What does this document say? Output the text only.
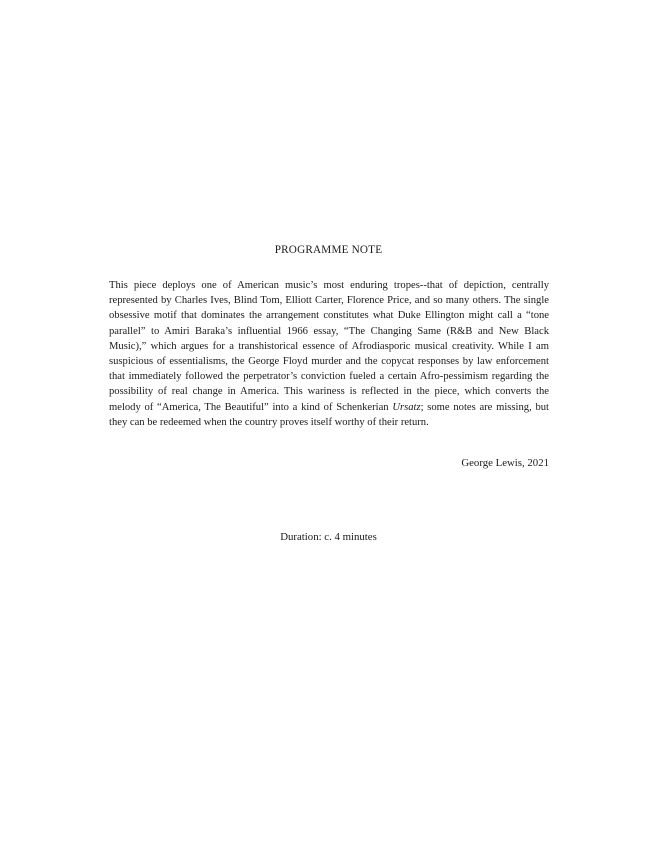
PROGRAMME NOTE

This piece deploys one of American music’s most enduring tropes--that of depiction, centrally represented by Charles Ives, Blind Tom, Elliott Carter, Florence Price, and so many others. The single obsessive motif that dominates the arrangement constitutes what Duke Ellington might call a “tone parallel” to Amiri Baraka’s influential 1966 essay, “The Changing Same (R&B and New Black Music),” which argues for a transhistorical essence of Afrodiasporic musical creativity. While I am suspicious of essentialisms, the George Floyd murder and the copycat responses by law enforcement that immediately followed the perpetrator’s conviction fueled a certain Afro-pessimism regarding the possibility of real change in America. This wariness is reflected in the piece, which converts the melody of “America, The Beautiful” into a kind of Schenkerian Ursatz; some notes are missing, but they can be redeemed when the country proves itself worthy of their return.

George Lewis, 2021
Duration: c. 4 minutes
